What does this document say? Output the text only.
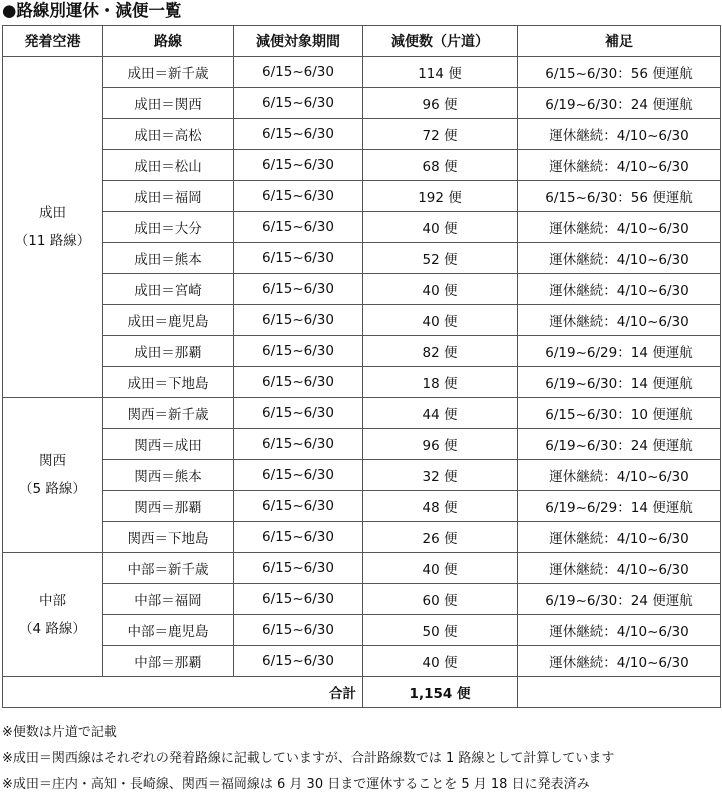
●路線別運休・減便一覧
発着空港	路線	減便対象期間	減便数（片道）	補足

成田
（11 路線）	成田＝新千歳	6/15~6/30	114 便	6/15~6/30：56 便運航
	成田＝関西	6/15~6/30	96 便	6/19~6/30：24 便運航
	成田＝高松	6/15~6/30	72 便	運休継続：4/10~6/30
	成田＝松山	6/15~6/30	68 便	運休継続：4/10~6/30
	成田＝福岡	6/15~6/30	192 便	6/15~6/30：56 便運航
	成田＝大分	6/15~6/30	40 便	運休継続：4/10~6/30
	成田＝熊本	6/15~6/30	52 便	運休継続：4/10~6/30
	成田＝宮崎	6/15~6/30	40 便	運休継続：4/10~6/30
	成田＝鹿児島	6/15~6/30	40 便	運休継続：4/10~6/30
	成田＝那覇	6/15~6/30	82 便	6/19~6/29：14 便運航
	成田＝下地島	6/15~6/30	18 便	6/19~6/30：14 便運航

関西
（5 路線）	関西＝新千歳	6/15~6/30	44 便	6/15~6/30：10 便運航
	関西＝成田	6/15~6/30	96 便	6/19~6/30：24 便運航
	関西＝熊本	6/15~6/30	32 便	運休継続：4/10~6/30
	関西＝那覇	6/15~6/30	48 便	6/19~6/29：14 便運航
	関西＝下地島	6/15~6/30	26 便	運休継続：4/10~6/30

中部
（4 路線）	中部＝新千歳	6/15~6/30	40 便	運休継続：4/10~6/30
	中部＝福岡	6/15~6/30	60 便	6/19~6/30：24 便運航
	中部＝鹿児島	6/15~6/30	50 便	運休継続：4/10~6/30
	中部＝那覇	6/15~6/30	40 便	運休継続：4/10~6/30
合計			1,154 便	
※便数は片道で記載
※成田＝関西線はそれぞれの発着路線に記載していますが、合計路線数では 1 路線として計算しています
※成田＝庄内・高知・長崎線、関西＝福岡線は 6 月 30 日まで運休することを 5 月 18 日に発表済み
